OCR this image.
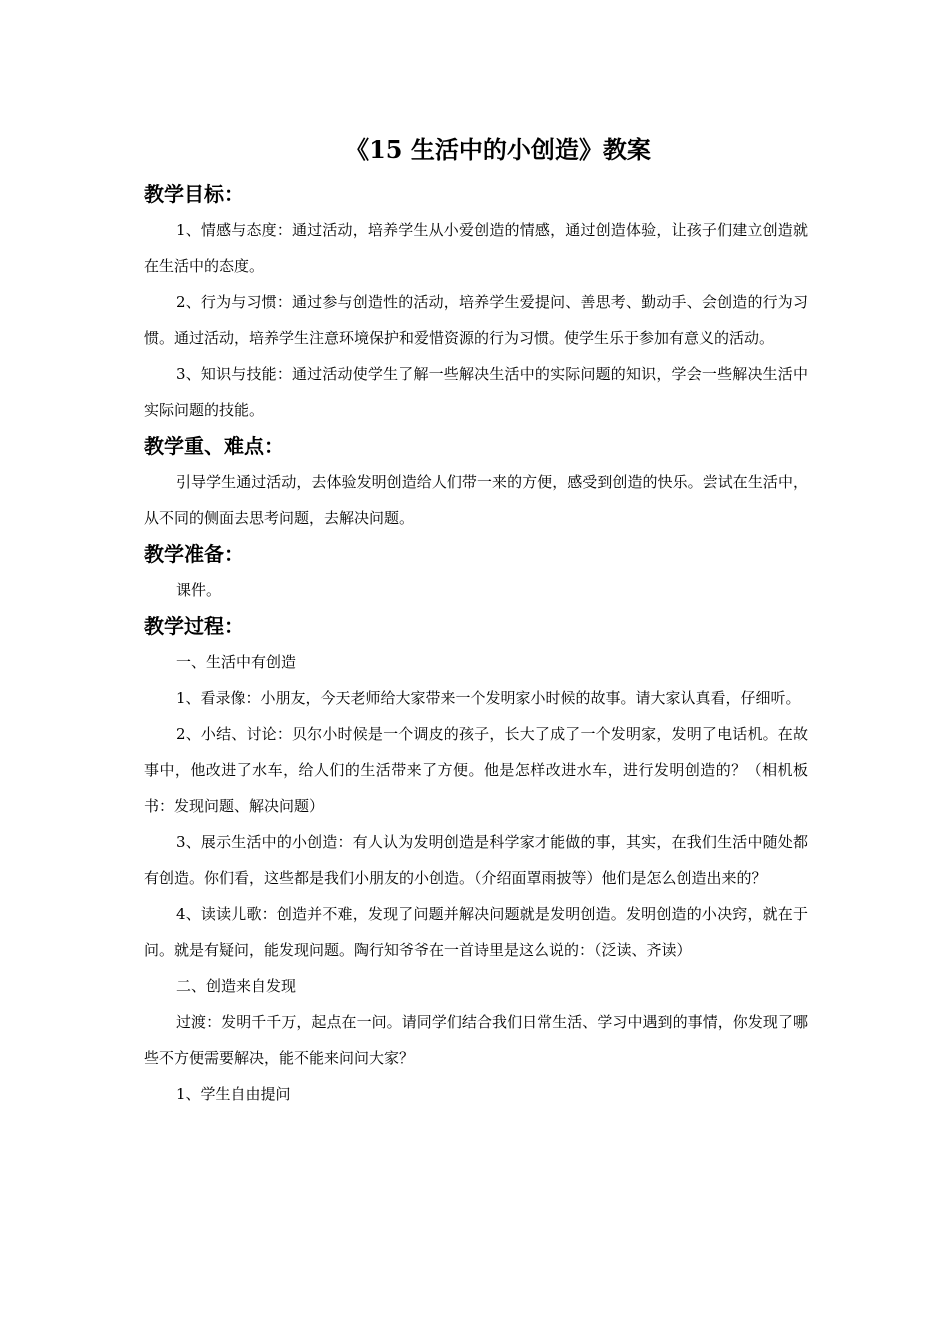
《15 生活中的小创造》教案
教学目标：

1、情感与态度：通过活动，培养学生从小爱创造的情感，通过创造体验，让孩子们建立创造就在生活中的态度。

2、行为与习惯：通过参与创造性的活动，培养学生爱提问、善思考、勤动手、会创造的行为习惯。通过活动，培养学生注意环境保护和爱惜资源的行为习惯。使学生乐于参加有意义的活动。

3、知识与技能：通过活动使学生了解一些解决生活中的实际问题的知识，学会一些解决生活中实际问题的技能。

教学重、难点：

引导学生通过活动，去体验发明创造给人们带一来的方便，感受到创造的快乐。尝试在生活中，从不同的侧面去思考问题，去解决问题。

教学准备：

课件。

教学过程：

一、生活中有创造

1、看录像：小朋友，今天老师给大家带来一个发明家小时候的故事。请大家认真看，仔细听。

2、小结、讨论：贝尔小时候是一个调皮的孩子，长大了成了一个发明家，发明了电话机。在故事中，他改进了水车，给人们的生活带来了方便。他是怎样改进水车，进行发明创造的？（相机板书：发现问题、解决问题）

3、展示生活中的小创造：有人认为发明创造是科学家才能做的事，其实，在我们生活中随处都有创造。你们看，这些都是我们小朋友的小创造。（介绍面罩雨披等）他们是怎么创造出来的？

4、读读儿歌：创造并不难，发现了问题并解决问题就是发明创造。发明创造的小决窍，就在于问。就是有疑问，能发现问题。陶行知爷爷在一首诗里是这么说的：（泛读、齐读）

二、创造来自发现

过渡：发明千千万，起点在一问。请同学们结合我们日常生活、学习中遇到的事情，你发现了哪些不方便需要解决，能不能来问问大家？

1、学生自由提问
